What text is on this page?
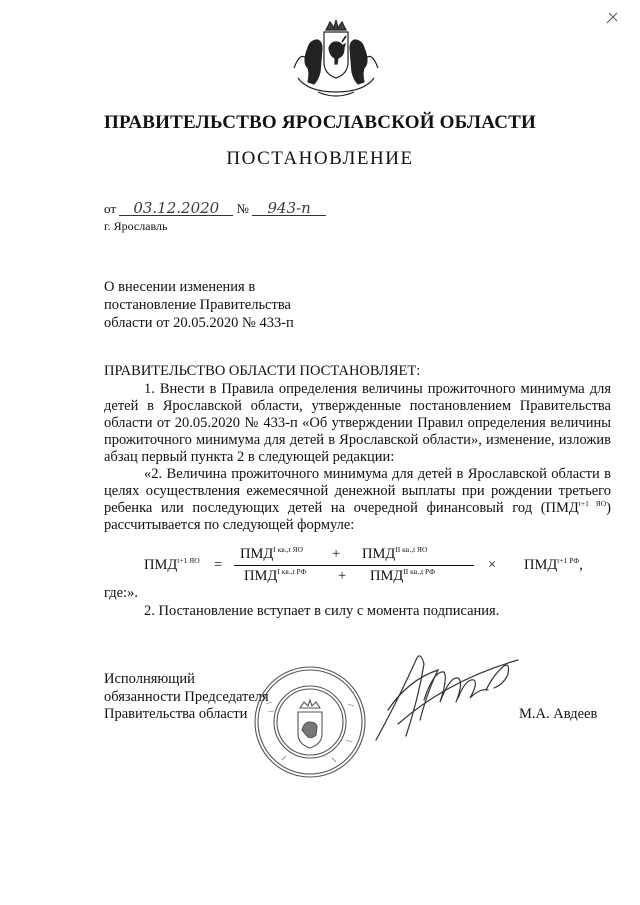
ПРАВИТЕЛЬСТВО ЯРОСЛАВСКОЙ ОБЛАСТИ
ПОСТАНОВЛЕНИЕ
от 03.12.2020 № 943-п
г. Ярославль
О внесении изменения в
постановление Правительства
области от 20.05.2020 № 433-п
ПРАВИТЕЛЬСТВО ОБЛАСТИ ПОСТАНОВЛЯЕТ:

1. Внести в Правила определения величины прожиточного минимума для детей в Ярославской области, утвержденные постановлением Правительства области от 20.05.2020 № 433-п «Об утверждении Правил определения величины прожиточного минимума для детей в Ярославской области», изменение, изложив абзац первый пункта 2 в следующей редакции:

«2. Величина прожиточного минимума для детей в Ярославской области в целях осуществления ежемесячной денежной выплаты при рождении третьего ребенка или последующих детей на очередной финансовый год $(ПМД^{t+1 ЯО})$ рассчитывается по следующей формуле:

$ПМД^{t+1 ЯО}$ =
$ПМД^{I кв.,t ЯО} + ПМД^{II кв.,t ЯО}$
$ПМД^{I кв.,t РФ} + ПМД^{II кв.,t РФ}$	× $ПМД^{t+1 РФ}$,
где:».
2. Постановление вступает в силу с момента подписания.
Исполняющий
обязанности Председателя
Правительства области	М.А. Авдеев
